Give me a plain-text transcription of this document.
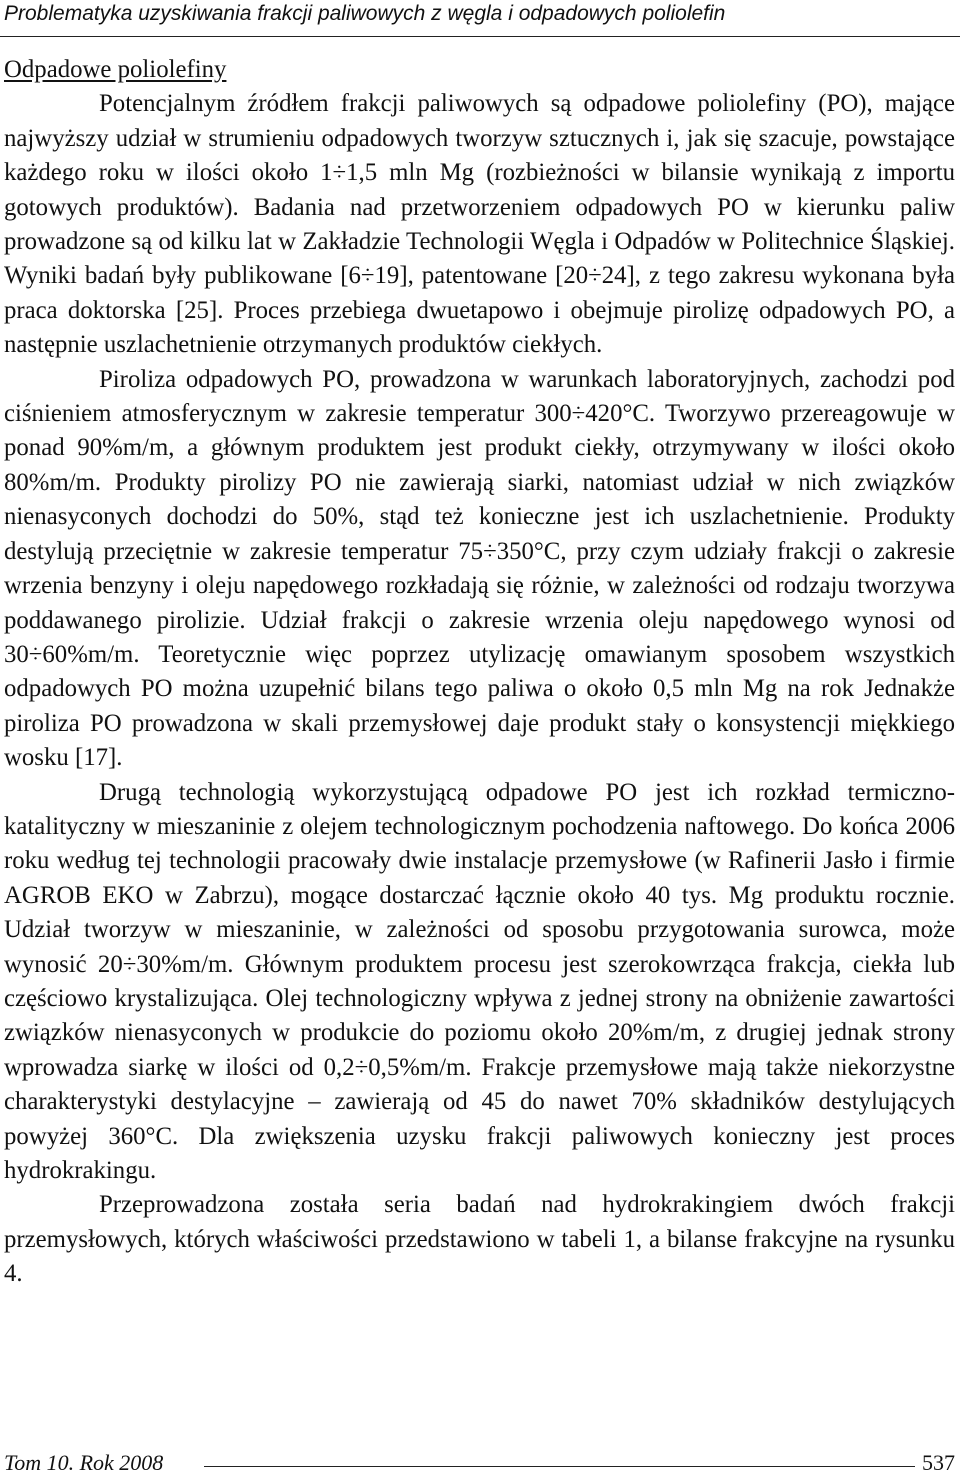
Problematyka uzyskiwania frakcji paliwowych z węgla i odpadowych poliolefin
Odpadowe poliolefiny

Potencjalnym źródłem frakcji paliwowych są odpadowe poliolefiny (PO), mające najwyższy udział w strumieniu odpadowych tworzyw sztucznych i, jak się szacuje, powstające każdego roku w ilości około 1÷1,5 mln Mg (rozbieżności w bilansie wynikają z importu gotowych produktów). Badania nad przetworzeniem odpadowych PO w kierunku paliw prowadzone są od kilku lat w Zakładzie Technologii Węgla i Odpadów w Politechnice Śląskiej. Wyniki badań były publikowane [6÷19], patentowane [20÷24], z tego zakresu wykonana była praca doktorska [25]. Proces przebiega dwuetapowo i obejmuje pirolizę odpadowych PO, a następnie uszlachetnienie otrzymanych produktów ciekłych.

Piroliza odpadowych PO, prowadzona w warunkach laboratoryjnych, zachodzi pod ciśnieniem atmosferycznym w zakresie temperatur 300÷420°C. Tworzywo przereagowuje w ponad 90%m/m, a głównym produktem jest produkt ciekły, otrzymywany w ilości około 80%m/m. Produkty pirolizy PO nie zawierają siarki, natomiast udział w nich związków nienasyconych dochodzi do 50%, stąd też konieczne jest ich uszlachetnienie. Produkty destylują przeciętnie w zakresie temperatur 75÷350°C, przy czym udziały frakcji o zakresie wrzenia benzyny i oleju napędowego rozkładają się różnie, w zależności od rodzaju tworzywa poddawanego pirolizie. Udział frakcji o zakresie wrzenia oleju napędowego wynosi od 30÷60%m/m. Teoretycznie więc poprzez utylizację omawianym sposobem wszystkich odpadowych PO można uzupełnić bilans tego paliwa o około 0,5 mln Mg na rok Jednakże piroliza PO prowadzona w skali przemysłowej daje produkt stały o konsystencji miękkiego wosku [17].

Drugą technologią wykorzystującą odpadowe PO jest ich rozkład termiczno- katalityczny w mieszaninie z olejem technologicznym pochodzenia naftowego. Do końca 2006 roku według tej technologii pracowały dwie instalacje przemysłowe (w Rafinerii Jasło i firmie AGROB EKO w Zabrzu), mogące dostarczać łącznie około 40 tys. Mg produktu rocznie. Udział tworzyw w mieszaninie, w zależności od sposobu przygotowania surowca, może wynosić 20÷30%m/m. Głównym produktem procesu jest szerokowrząca frakcja, ciekła lub częściowo krystalizująca. Olej technologiczny wpływa z jednej strony na obniżenie zawartości związków nienasyconych w produkcie do poziomu około 20%m/m, z drugiej jednak strony wprowadza siarkę w ilości od 0,2÷0,5%m/m. Frakcje przemysłowe mają także niekorzystne charakterystyki destylacyjne – zawierają od 45 do nawet 70% składników destylujących powyżej 360°C. Dla zwiększenia uzysku frakcji paliwowych konieczny jest proces hydrokrakingu.

Przeprowadzona została seria badań nad hydrokrakingiem dwóch frakcji przemysłowych, których właściwości przedstawiono w tabeli 1, a bilanse frakcyjne na rysunku 4.

Tom 10. Rok 2008	537
